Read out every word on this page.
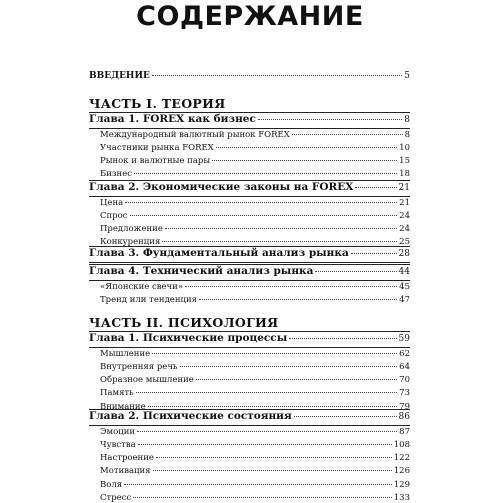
СОДЕРЖАНИЕ
ВВЕДЕНИЕ	5
ЧАСТЬ I. ТЕОРИЯ
Глава 1. FOREX как бизнес	8
Международный валютный рынок FOREX	8
Участники рынка FOREX	10
Рынок и валютные пары	15
Бизнес	18
Глава 2. Экономические законы на FOREX	21
Цена	21
Спрос	24
Предложение	24
Конкуренция	25
Глава 3. Фундаментальный анализ рынка	28
Глава 4. Технический анализ рынка	44
«Японские свечи»	45
Тренд или тенденция	47
ЧАСТЬ II. ПСИХОЛОГИЯ
Глава 1. Психические процессы	59
Мышление	62
Внутренняя речь	64
Образное мышление	70
Память	73
Внимание	79
Глава 2. Психические состояния	86
Эмоции	87
Чувства	108
Настроение	122
Мотивация	126
Воля	129
Стресс	133
